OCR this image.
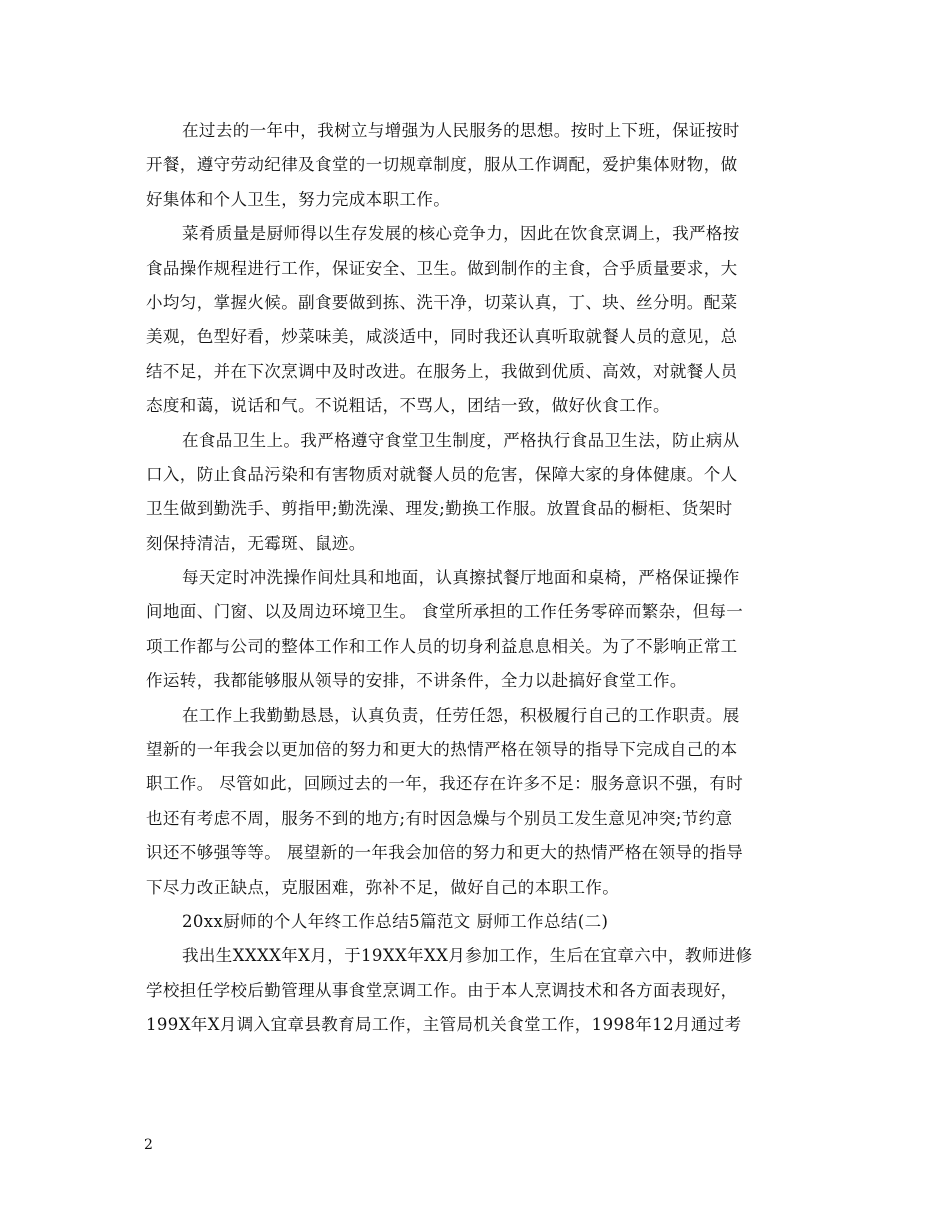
在过去的一年中，我树立与增强为人民服务的思想。按时上下班，保证按时
开餐，遵守劳动纪律及食堂的一切规章制度，服从工作调配，爱护集体财物，做
好集体和个人卫生，努力完成本职工作。
菜肴质量是厨师得以生存发展的核心竞争力，因此在饮食烹调上，我严格按
食品操作规程进行工作，保证安全、卫生。做到制作的主食，合乎质量要求，大
小均匀，掌握火候。副食要做到拣、洗干净，切菜认真，丁、块、丝分明。配菜
美观，色型好看，炒菜味美，咸淡适中，同时我还认真听取就餐人员的意见，总
结不足，并在下次烹调中及时改进。在服务上，我做到优质、高效，对就餐人员
态度和蔼，说话和气。不说粗话，不骂人，团结一致，做好伙食工作。
在食品卫生上。我严格遵守食堂卫生制度，严格执行食品卫生法，防止病从
口入，防止食品污染和有害物质对就餐人员的危害，保障大家的身体健康。个人
卫生做到勤洗手、剪指甲;勤洗澡、理发;勤换工作服。放置食品的橱柜、货架时
刻保持清洁，无霉斑、鼠迹。
每天定时冲洗操作间灶具和地面，认真擦拭餐厅地面和桌椅，严格保证操作
间地面、门窗、以及周边环境卫生。 食堂所承担的工作任务零碎而繁杂，但每一
项工作都与公司的整体工作和工作人员的切身利益息息相关。为了不影响正常工
作运转，我都能够服从领导的安排，不讲条件，全力以赴搞好食堂工作。
在工作上我勤勤恳恳，认真负责，任劳任怨，积极履行自己的工作职责。展
望新的一年我会以更加倍的努力和更大的热情严格在领导的指导下完成自己的本
职工作。 尽管如此，回顾过去的一年，我还存在许多不足：服务意识不强，有时
也还有考虑不周，服务不到的地方;有时因急燥与个别员工发生意见冲突;节约意
识还不够强等等。 展望新的一年我会加倍的努力和更大的热情严格在领导的指导
下尽力改正缺点，克服困难，弥补不足，做好自己的本职工作。
20xx厨师的个人年终工作总结5篇范文 厨师工作总结(二)
我出生XXXX年X月，于19XX年XX月参加工作，生后在宜章六中，教师进修
学校担任学校后勤管理从事食堂烹调工作。由于本人烹调技术和各方面表现好，
199X年X月调入宜章县教育局工作，主管局机关食堂工作，1998年12月通过考
2
